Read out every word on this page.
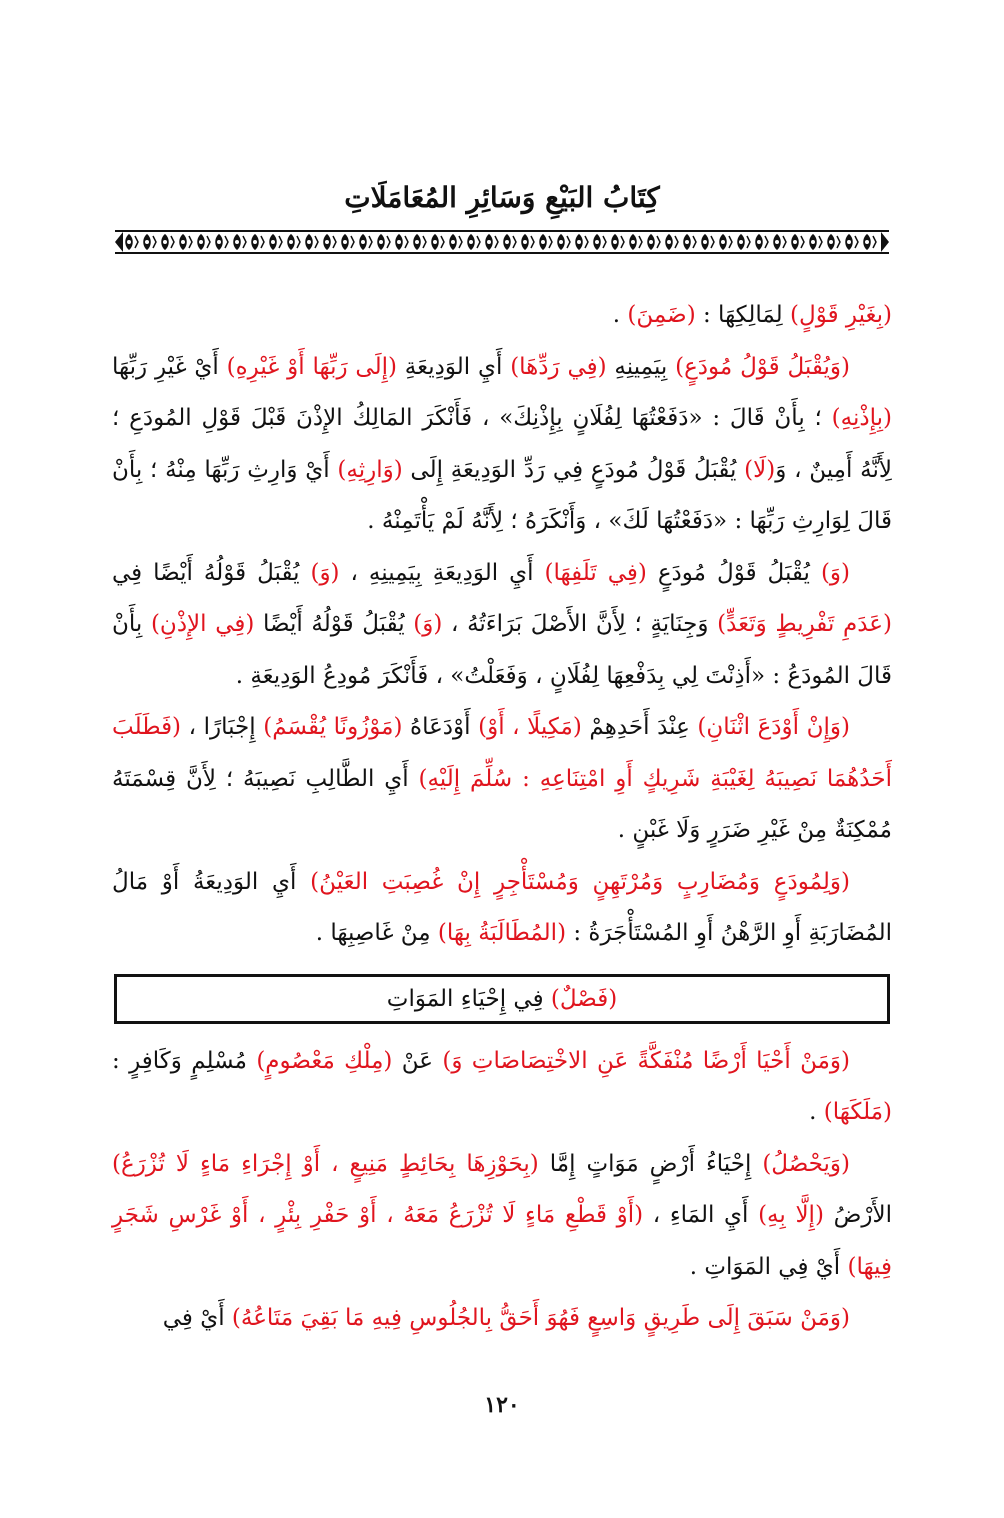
كِتَابُ البَيْعِ وَسَائِرِ المُعَامَلَاتِ

(بِغَيْرِ قَوْلٍ) لِمَالِكِهَا : (ضَمِنَ) .

(وَيُقْبَلُ قَوْلُ مُودَعٍ) بِيَمِينِهِ (فِي رَدِّهَا) أَيِ الوَدِيعَةِ (إِلَى رَبِّهَا أَوْ غَيْرِهِ) أَيْ غَيْرِ رَبِّهَا (بِإِذْنِهِ) ؛ بِأَنْ قَالَ : «دَفَعْتُهَا لِفُلَانٍ بِإِذْنِكَ» ، فَأَنْكَرَ المَالِكُ الإِذْنَ قَبْلَ قَوْلِ المُودَعِ ؛ لِأَنَّهُ أَمِينٌ ، وَ(لَا) يُقْبَلُ قَوْلُ مُودَعٍ فِي رَدِّ الوَدِيعَةِ إِلَى (وَارِثِهِ) أَيْ وَارِثِ رَبِّهَا مِنْهُ ؛ بِأَنْ قَالَ لِوَارِثِ رَبِّهَا : «دَفَعْتُهَا لَكَ» ، وَأَنْكَرَهُ ؛ لِأَنَّهُ لَمْ يَأْتَمِنْهُ .

(وَ) يُقْبَلُ قَوْلُ مُودَعٍ (فِي تَلَفِهَا) أَيِ الوَدِيعَةِ بِيَمِينِهِ ، (وَ) يُقْبَلُ قَوْلُهُ أَيْضًا فِي (عَدَمِ تَفْرِيطٍ وَتَعَدٍّ) وَجِنَايَةٍ ؛ لِأَنَّ الأَصْلَ بَرَاءَتُهُ ، (وَ) يُقْبَلُ قَوْلُهُ أَيْضًا (فِي الإِذْنِ) بِأَنْ قَالَ المُودَعُ : «أَذِنْتَ لِي بِدَفْعِهَا لِفُلَانٍ ، وَفَعَلْتُ» ، فَأَنْكَرَ مُودِعُ الوَدِيعَةِ .

(وَإِنْ أَوْدَعَ اثْنَانِ) عِنْدَ أَحَدِهِمْ (مَكِيلًا ، أَوْ) أَوْدَعَاهُ (مَوْزُونًا يُقْسَمُ) إِجْبَارًا ، (فَطَلَبَ أَحَدُهُمَا نَصِيبَهُ لِغَيْبَةِ شَرِيكٍ أَوِ امْتِنَاعِهِ : سُلِّمَ إِلَيْهِ) أَيِ الطَّالِبِ نَصِيبَهُ ؛ لِأَنَّ قِسْمَتَهُ مُمْكِنَةٌ مِنْ غَيْرِ ضَرَرٍ وَلَا غَبْنٍ .

(وَلِمُودَعٍ وَمُضَارِبٍ وَمُرْتَهِنٍ وَمُسْتَأْجِرٍ إِنْ غُصِبَتِ العَيْنُ) أَيِ الوَدِيعَةُ أَوْ مَالُ المُضَارَبَةِ أَوِ الرَّهْنُ أَوِ المُسْتَأْجَرَةُ : (المُطَالَبَةُ بِهَا) مِنْ غَاصِبِهَا .

(فَصْلٌ) فِي إِحْيَاءِ المَوَاتِ

(وَمَنْ أَحْيَا أَرْضًا مُنْفَكَّةً عَنِ الاخْتِصَاصَاتِ وَ) عَنْ (مِلْكِ مَعْصُومٍ) مُسْلِمٍ وَكَافِرٍ : (مَلَكَهَا) .

(وَيَحْصُلُ) إِحْيَاءُ أَرْضٍ مَوَاتٍ إِمَّا (بِحَوْزِهَا بِحَائِطٍ مَنِيعٍ ، أَوْ إِجْرَاءِ مَاءٍ لَا تُزْرَعُ) الأَرْضُ (إِلَّا بِهِ) أَيِ المَاءِ ، (أَوْ قَطْعِ مَاءٍ لَا تُزْرَعُ مَعَهُ ، أَوْ حَفْرِ بِئْرٍ ، أَوْ غَرْسِ شَجَرٍ فِيهَا) أَيْ فِي المَوَاتِ .

(وَمَنْ سَبَقَ إِلَى طَرِيقٍ وَاسِعٍ فَهُوَ أَحَقُّ بِالجُلُوسِ فِيهِ مَا بَقِيَ مَتَاعُهُ) أَيْ فِي

١٢٠
